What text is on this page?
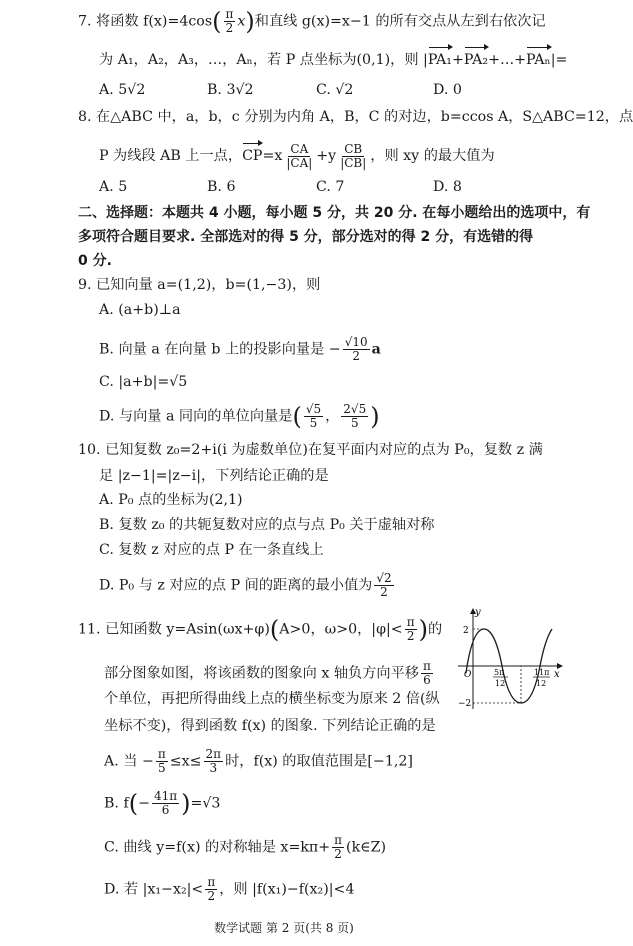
7. 将函数 $f(x)=4\cos( \frac{\pi}{2} x)$和直线 g(x)=x−1 的所有交点从左到右依次记
为 A₁，A₂，A₃，…，Aₙ，若 P 点坐标为(0,1)，则 |PA₁+PA₂+…+PAₙ|=
A. 5√2	B. 3√2	C. √2	D. 0
8. 在△ABC 中，a，b，c 分别为内角 A，B，C 的对边，b=ccos A，S△ABC=12，点
P 为线段 AB 上一点，$CP=x \frac{CA}{|CA|} +y \frac{CB}{|CB|}$ ，则 xy 的最大值为
A. 5	B. 6	C. 7	D. 8
二、选择题：本题共 4 小题，每小题 5 分，共 20 分. 在每小题给出的选项中，有
多项符合题目要求. 全部选对的得 5 分，部分选对的得 2 分，有选错的得
0 分.
9. 已知向量 a=(1,2)，b=(1,−3)，则
A. (a+b)⊥a
B. 向量 a 在向量 b 上的投影向量是 − $\frac{√10}{2}$ a
C. |a+b|=√5
D. 与向量 a 同向的单位向量是( $\frac{√5}{5}$ ， $\frac{2√5}{5}$ )
10. 已知复数 z₀=2+i(i 为虚数单位)在复平面内对应的点为 P₀，复数 z 满
足 |z−1|=|z−i|，下列结论正确的是
A. P₀ 点的坐标为(2,1)
B. 复数 z₀ 的共轭复数对应的点与点 P₀ 关于虚轴对称
C. 复数 z 对应的点 P 在一条直线上
D. P₀ 与 z 对应的点 P 间的距离的最小值为 $\frac{√2}{2}$
11. 已知函数 y=Asin(ωx+φ)(A>0，ω>0，$|\varphi|< \frac{\pi}{2}$ )的
部分图象如图，将该函数的图象向 x 轴负方向平移 $\frac{\pi}{6}$
个单位，再把所得曲线上点的横坐标变为原来 2 倍(纵
坐标不变)，得到函数 f(x) 的图象. 下列结论正确的是
A. 当 − $\frac{\pi}{5} \le x\le \frac{2\pi}{3}$ 时，f(x) 的取值范围是[−1,2]
B. $f(- \frac{41\pi}{6} )=√3$
C. 曲线 y=f(x) 的对称轴是 $x=k\pi+ \frac{\pi}{2}$ (k∈Z)
D. 若 $|x_1-x_2|< \frac{\pi}{2}$ ，则 |f(x₁)−f(x₂)|<4
y
x
O
2
−2
5π
12
11π
12
数学试题 第 2 页(共 8 页)
